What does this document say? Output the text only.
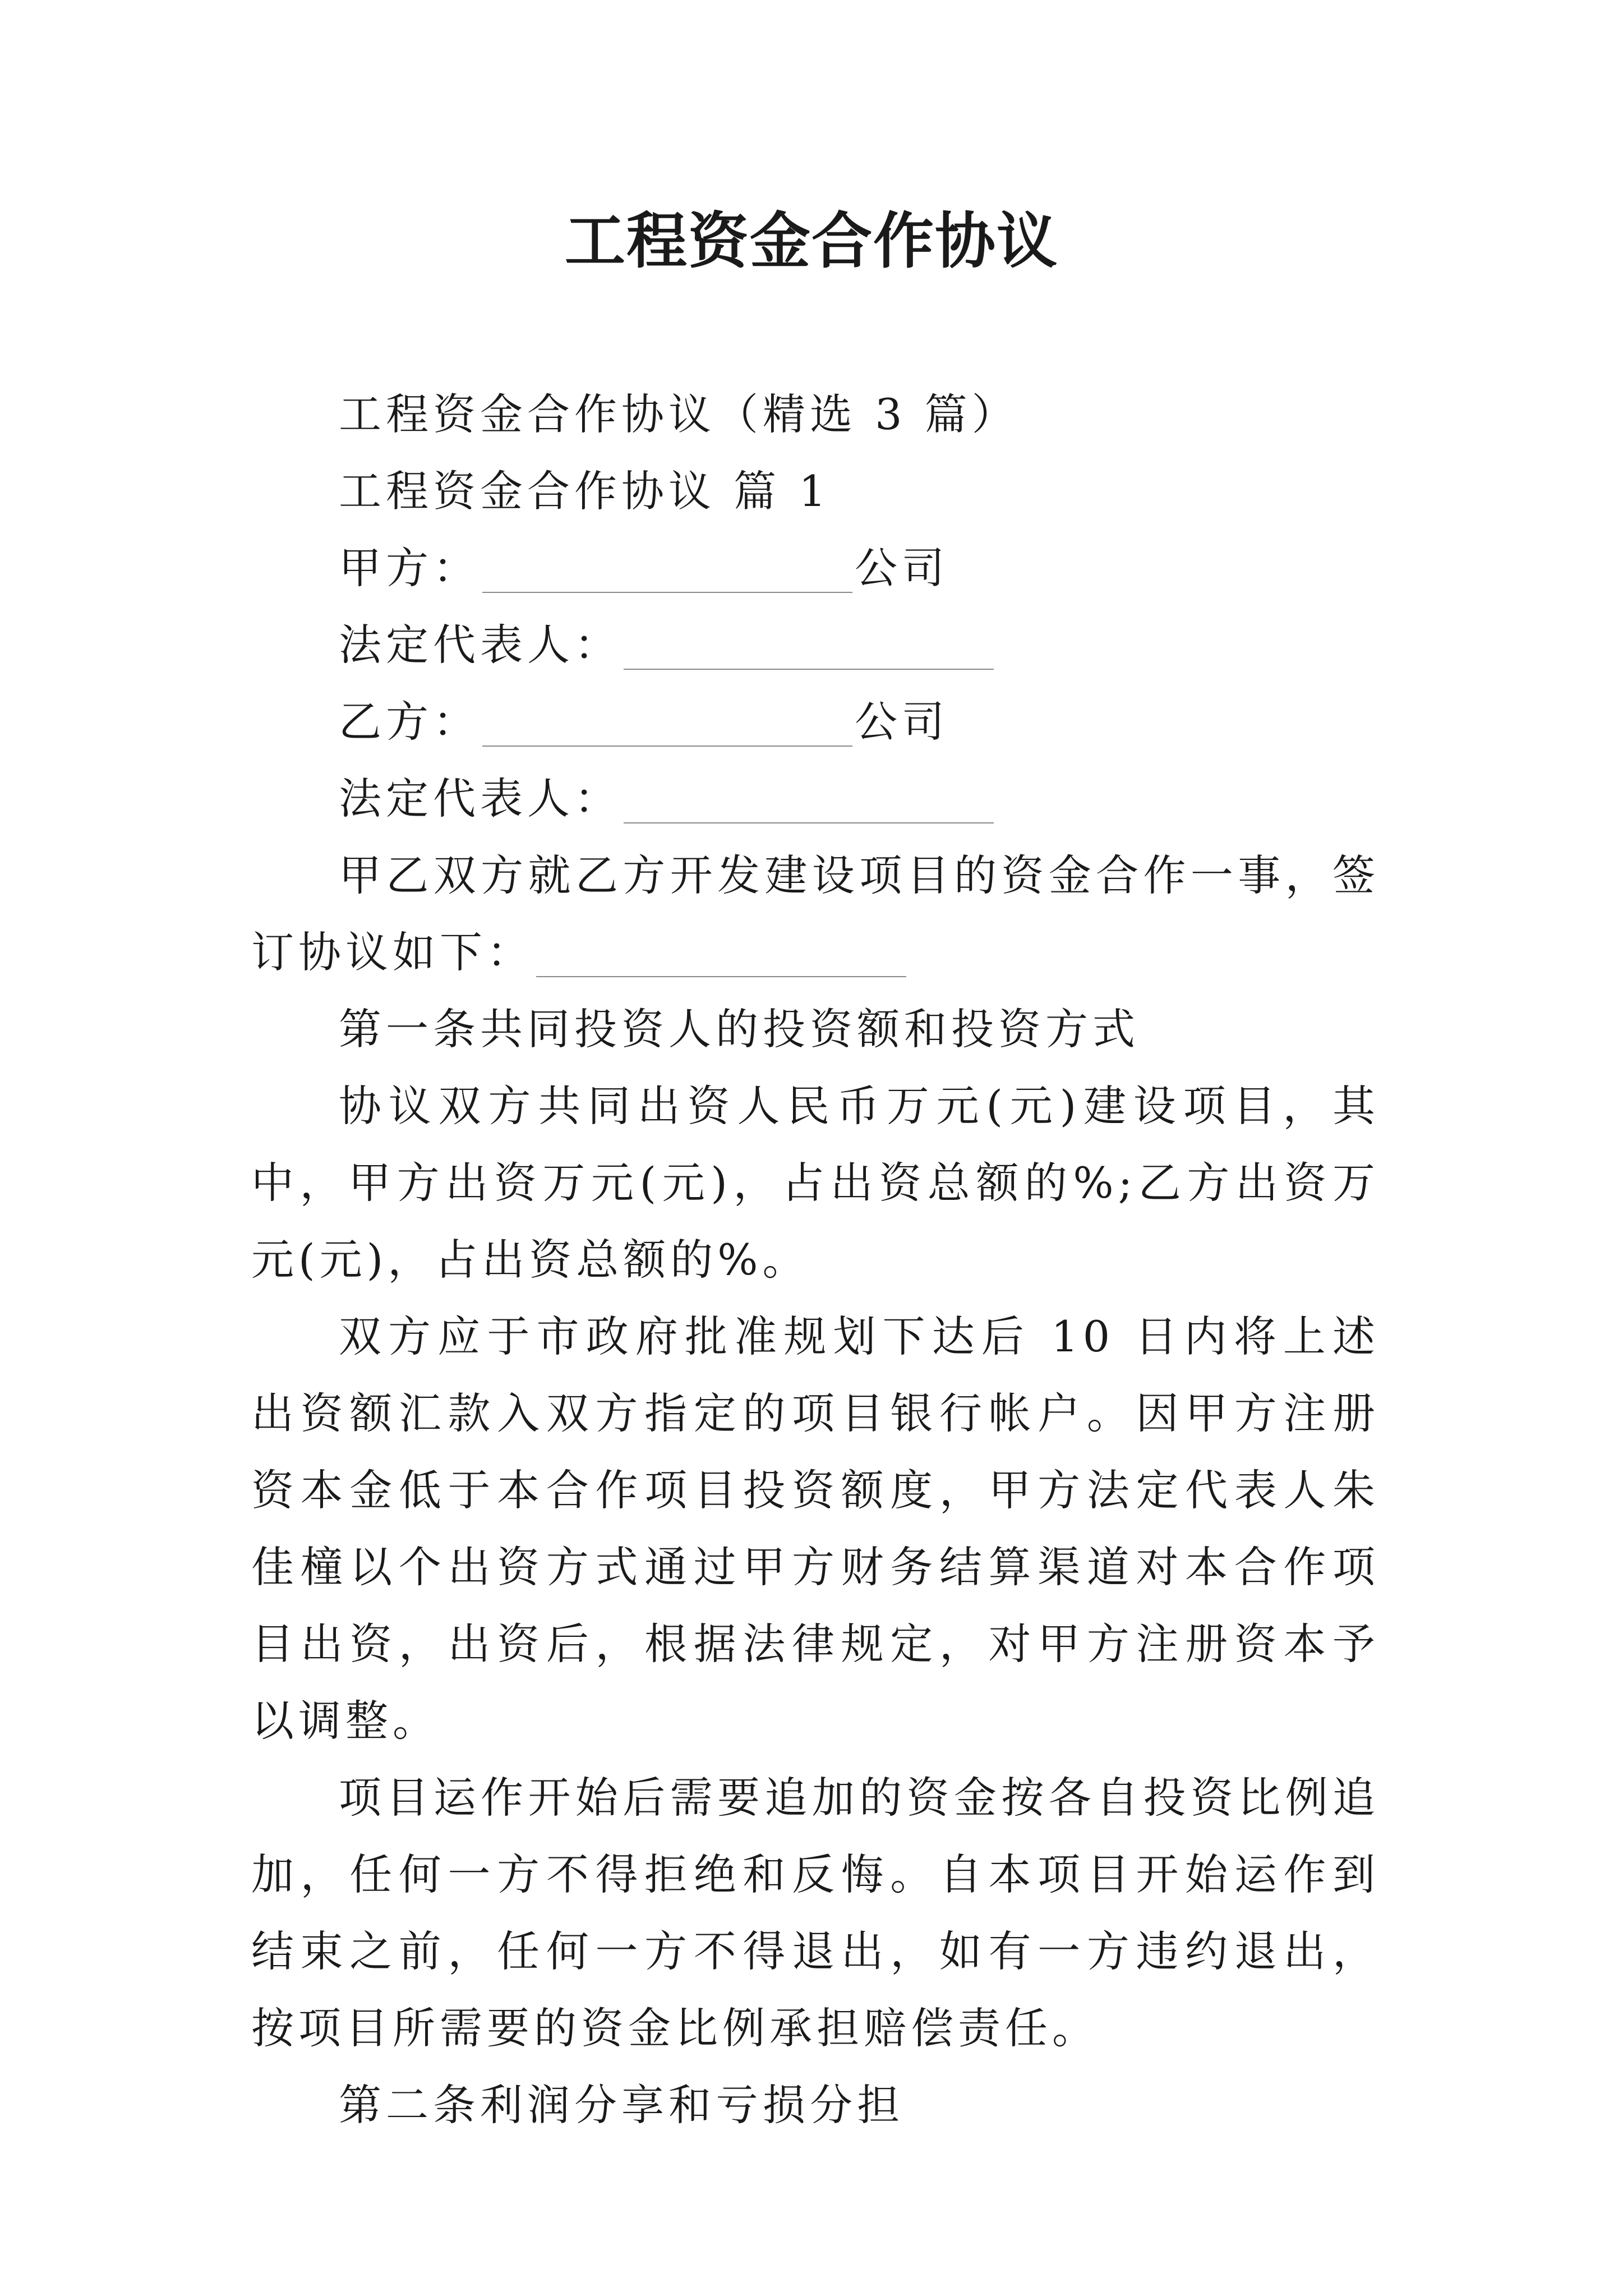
工程资金合作协议

工程资金合作协议（精选 3 篇）

工程资金合作协议 篇 1

甲方：	公司

法定代表人：

乙方：	公司

法定代表人：

甲乙双方就乙方开发建设项目的资金合作一事，签订协议如下：

第一条共同投资人的投资额和投资方式

协议双方共同出资人民币万元(元)建设项目，其中，甲方出资万元(元)，占出资总额的%;乙方出资万元(元)，占出资总额的%。

双方应于市政府批准规划下达后 10 日内将上述出资额汇款入双方指定的项目银行帐户。因甲方注册资本金低于本合作项目投资额度，甲方法定代表人朱佳橦以个出资方式通过甲方财务结算渠道对本合作项目出资，出资后，根据法律规定，对甲方注册资本予以调整。

项目运作开始后需要追加的资金按各自投资比例追加，任何一方不得拒绝和反悔。自本项目开始运作到结束之前，任何一方不得退出，如有一方违约退出，按项目所需要的资金比例承担赔偿责任。

第二条利润分享和亏损分担
